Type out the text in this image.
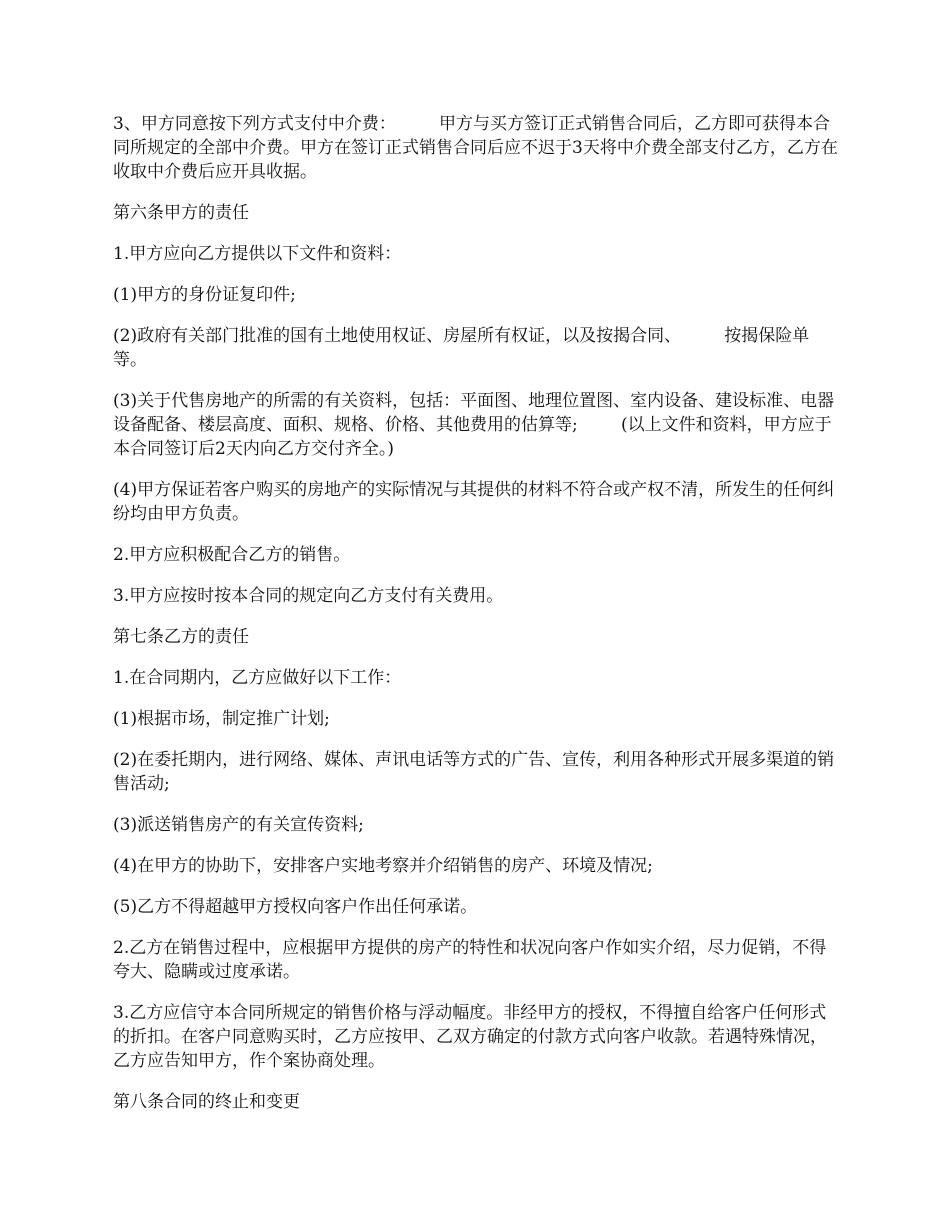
3、甲方同意按下列方式支付中介费：        甲方与买方签订正式销售合同后，乙方即可获得本合同所规定的全部中介费。甲方在签订正式销售合同后应不迟于3天将中介费全部支付乙方，乙方在收取中介费后应开具收据。

第六条甲方的责任

1.甲方应向乙方提供以下文件和资料：

(1)甲方的身份证复印件;

(2)政府有关部门批准的国有土地使用权证、房屋所有权证，以及按揭合同、        按揭保险单等。

(3)关于代售房地产的所需的有关资料，包括：平面图、地理位置图、室内设备、建设标准、电器设备配备、楼层高度、面积、规格、价格、其他费用的估算等;        (以上文件和资料，甲方应于本合同签订后2天内向乙方交付齐全。)

(4)甲方保证若客户购买的房地产的实际情况与其提供的材料不符合或产权不清，所发生的任何纠纷均由甲方负责。

2.甲方应积极配合乙方的销售。

3.甲方应按时按本合同的规定向乙方支付有关费用。

第七条乙方的责任

1.在合同期内，乙方应做好以下工作：

(1)根据市场，制定推广计划;

(2)在委托期内，进行网络、媒体、声讯电话等方式的广告、宣传，利用各种形式开展多渠道的销售活动;

(3)派送销售房产的有关宣传资料;

(4)在甲方的协助下，安排客户实地考察并介绍销售的房产、环境及情况;

(5)乙方不得超越甲方授权向客户作出任何承诺。

2.乙方在销售过程中，应根据甲方提供的房产的特性和状况向客户作如实介绍，尽力促销，不得夸大、隐瞒或过度承诺。

3.乙方应信守本合同所规定的销售价格与浮动幅度。非经甲方的授权，不得擅自给客户任何形式的折扣。在客户同意购买时，乙方应按甲、乙双方确定的付款方式向客户收款。若遇特殊情况，乙方应告知甲方，作个案协商处理。

第八条合同的终止和变更
